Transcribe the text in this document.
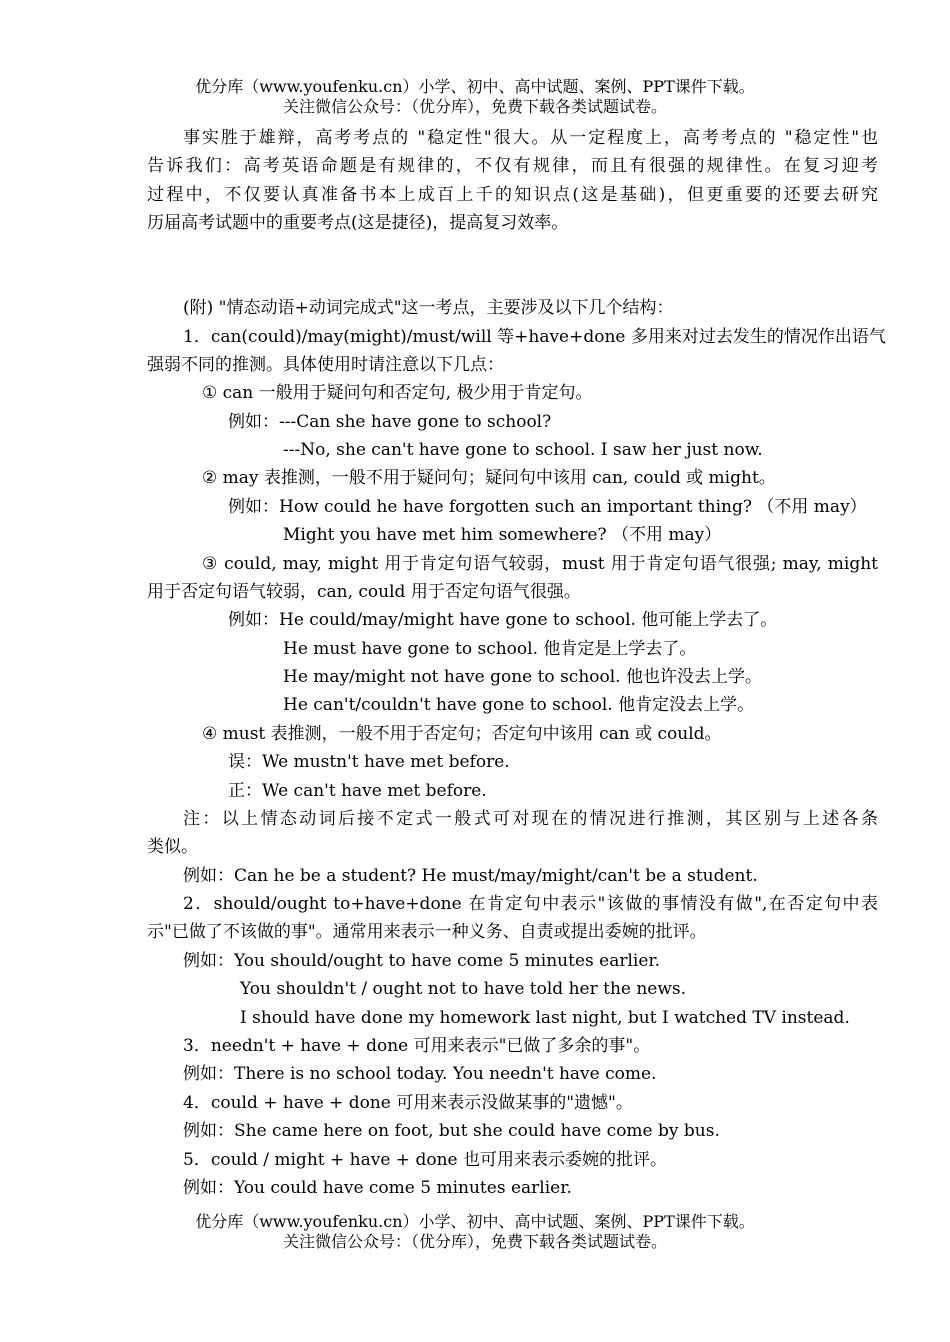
优分库（www.youfenku.cn）小学、初中、高中试题、案例、PPT课件下载。
关注微信公众号：（优分库），免费下载各类试题试卷。
事实胜于雄辩，高考考点的 "稳定性"很大。从一定程度上，高考考点的 "稳定性"也
告诉我们：高考英语命题是有规律的，不仅有规律，而且有很强的规律性。在复习迎考
过程中，不仅要认真准备书本上成百上千的知识点(这是基础)，但更重要的还要去研究
历届高考试题中的重要考点(这是捷径)，提高复习效率。
(附) "情态动语+动词完成式"这一考点，主要涉及以下几个结构：
1．can(could)/may(might)/must/will 等+have+done 多用来对过去发生的情况作出语气
强弱不同的推测。具体使用时请注意以下几点：
① can 一般用于疑问句和否定句, 极少用于肯定句。
例如：---Can she have gone to school?
---No, she can't have gone to school. I saw her just now.
② may 表推测，一般不用于疑问句；疑问句中该用 can, could 或 might。
例如：How could he have forgotten such an important thing? （不用 may）
Might you have met him somewhere? （不用 may）
③ could, may, might 用于肯定句语气较弱，must 用于肯定句语气很强; may, might
用于否定句语气较弱，can, could 用于否定句语气很强。
例如：He could/may/might have gone to school. 他可能上学去了。
He must have gone to school. 他肯定是上学去了。
He may/might not have gone to school. 他也许没去上学。
He can't/couldn't have gone to school. 他肯定没去上学。
④ must 表推测，一般不用于否定句；否定句中该用 can 或 could。
误：We mustn't have met before.
正：We can't have met before.
注：以上情态动词后接不定式一般式可对现在的情况进行推测，其区别与上述各条
类似。
例如：Can he be a student? He must/may/might/can't be a student.
2．should/ought to+have+done 在肯定句中表示"该做的事情没有做",在否定句中表
示"已做了不该做的事"。通常用来表示一种义务、自责或提出委婉的批评。
例如：You should/ought to have come 5 minutes earlier.
You shouldn't / ought not to have told her the news.
I should have done my homework last night, but I watched TV instead.
3．needn't + have + done 可用来表示"已做了多余的事"。
例如：There is no school today. You needn't have come.
4．could + have + done 可用来表示没做某事的"遗憾"。
例如：She came here on foot, but she could have come by bus.
5．could / might + have + done 也可用来表示委婉的批评。
例如：You could have come 5 minutes earlier.
优分库（www.youfenku.cn）小学、初中、高中试题、案例、PPT课件下载。
关注微信公众号：（优分库），免费下载各类试题试卷。
